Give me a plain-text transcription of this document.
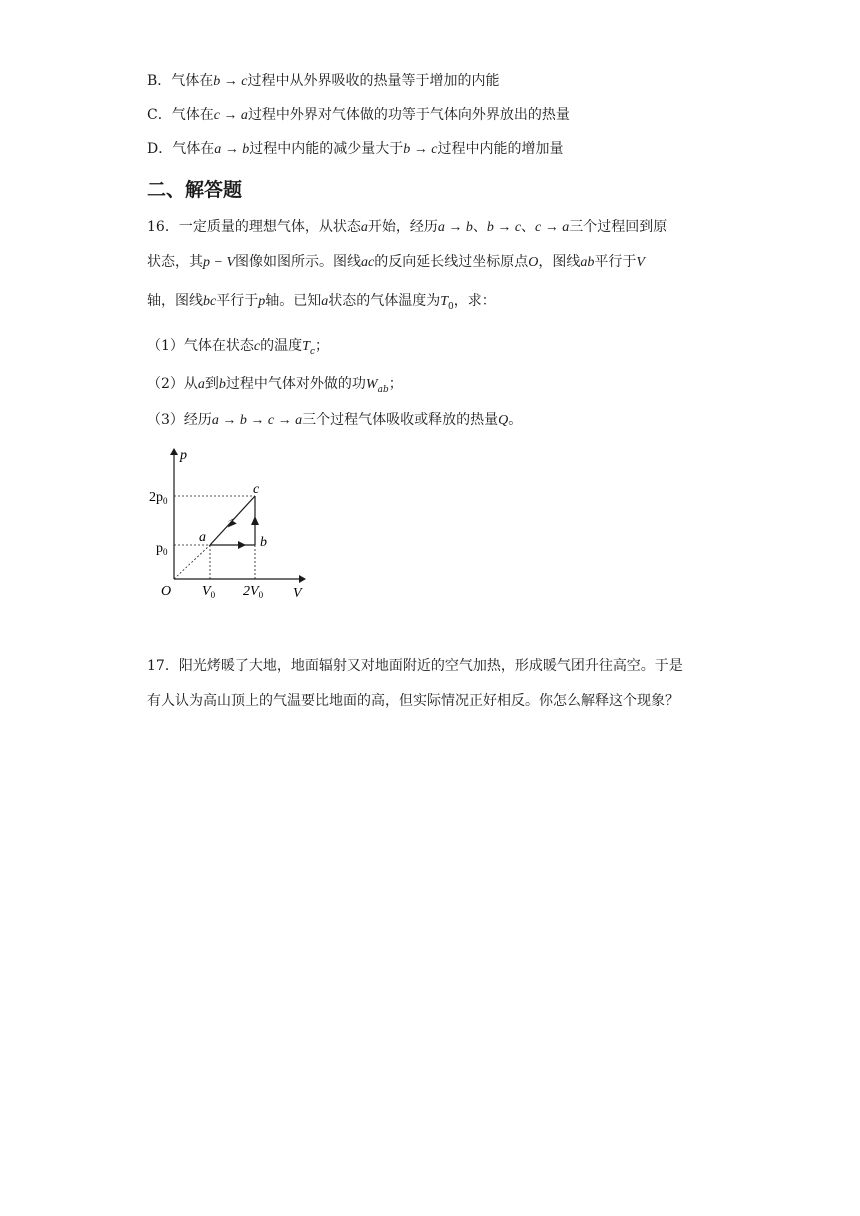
B．气体在b → c过程中从外界吸收的热量等于增加的内能
C．气体在c → a过程中外界对气体做的功等于气体向外界放出的热量
D．气体在a → b过程中内能的减少量大于b → c过程中内能的增加量
二、解答题
16．一定质量的理想气体，从状态a开始，经历a → b、b → c、c → a三个过程回到原
状态，其p − V图像如图所示。图线ac的反向延长线过坐标原点O，图线ab平行于V
轴，图线bc平行于p轴。已知a状态的气体温度为$T_0$，求：
（1）气体在状态c的温度$T_c$；
（2）从a到b过程中气体对外做的功$W_{ab}$；
（3）经历a → b → c → a三个过程气体吸收或释放的热量Q。
p
V
O
$2p_0$
$p_0$
$V_0$ $2V_0$
a	b
c
17．阳光烤暖了大地，地面辐射又对地面附近的空气加热，形成暖气团升往高空。于是
有人认为高山顶上的气温要比地面的高，但实际情况正好相反。你怎么解释这个现象？
